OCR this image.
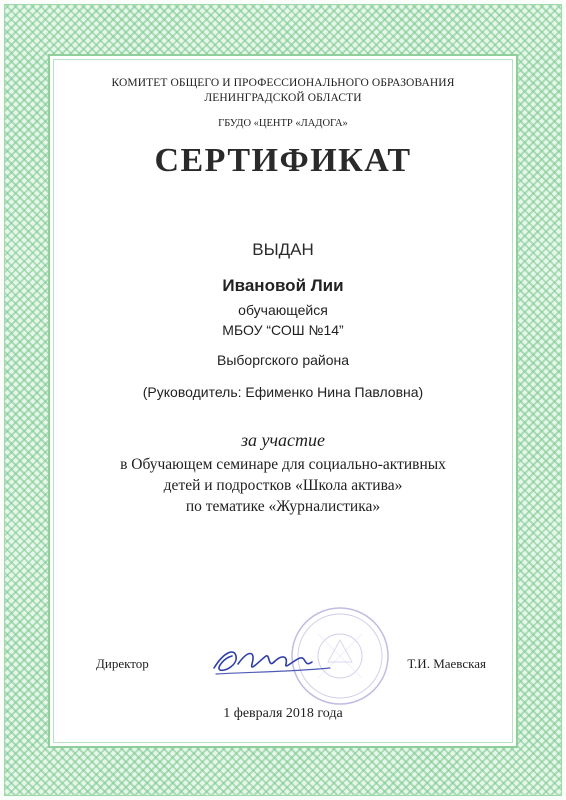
КОМИТЕТ ОБЩЕГО И ПРОФЕССИОНАЛЬНОГО ОБРАЗОВАНИЯ
ЛЕНИНГРАДСКОЙ ОБЛАСТИ
ГБУДО «ЦЕНТР «ЛАДОГА»
СЕРТИФИКАТ
ВЫДАН
Ивановой Лии
обучающейся
МБОУ “СОШ №14”
Выборгского района
(Руководитель: Ефименко Нина Павловна)
за участие
в Обучающем семинаре для социально-активных
детей и подростков «Школа актива»
по тематике «Журналистика»
Директор	Т.И. Маевская
1 февраля 2018 года
